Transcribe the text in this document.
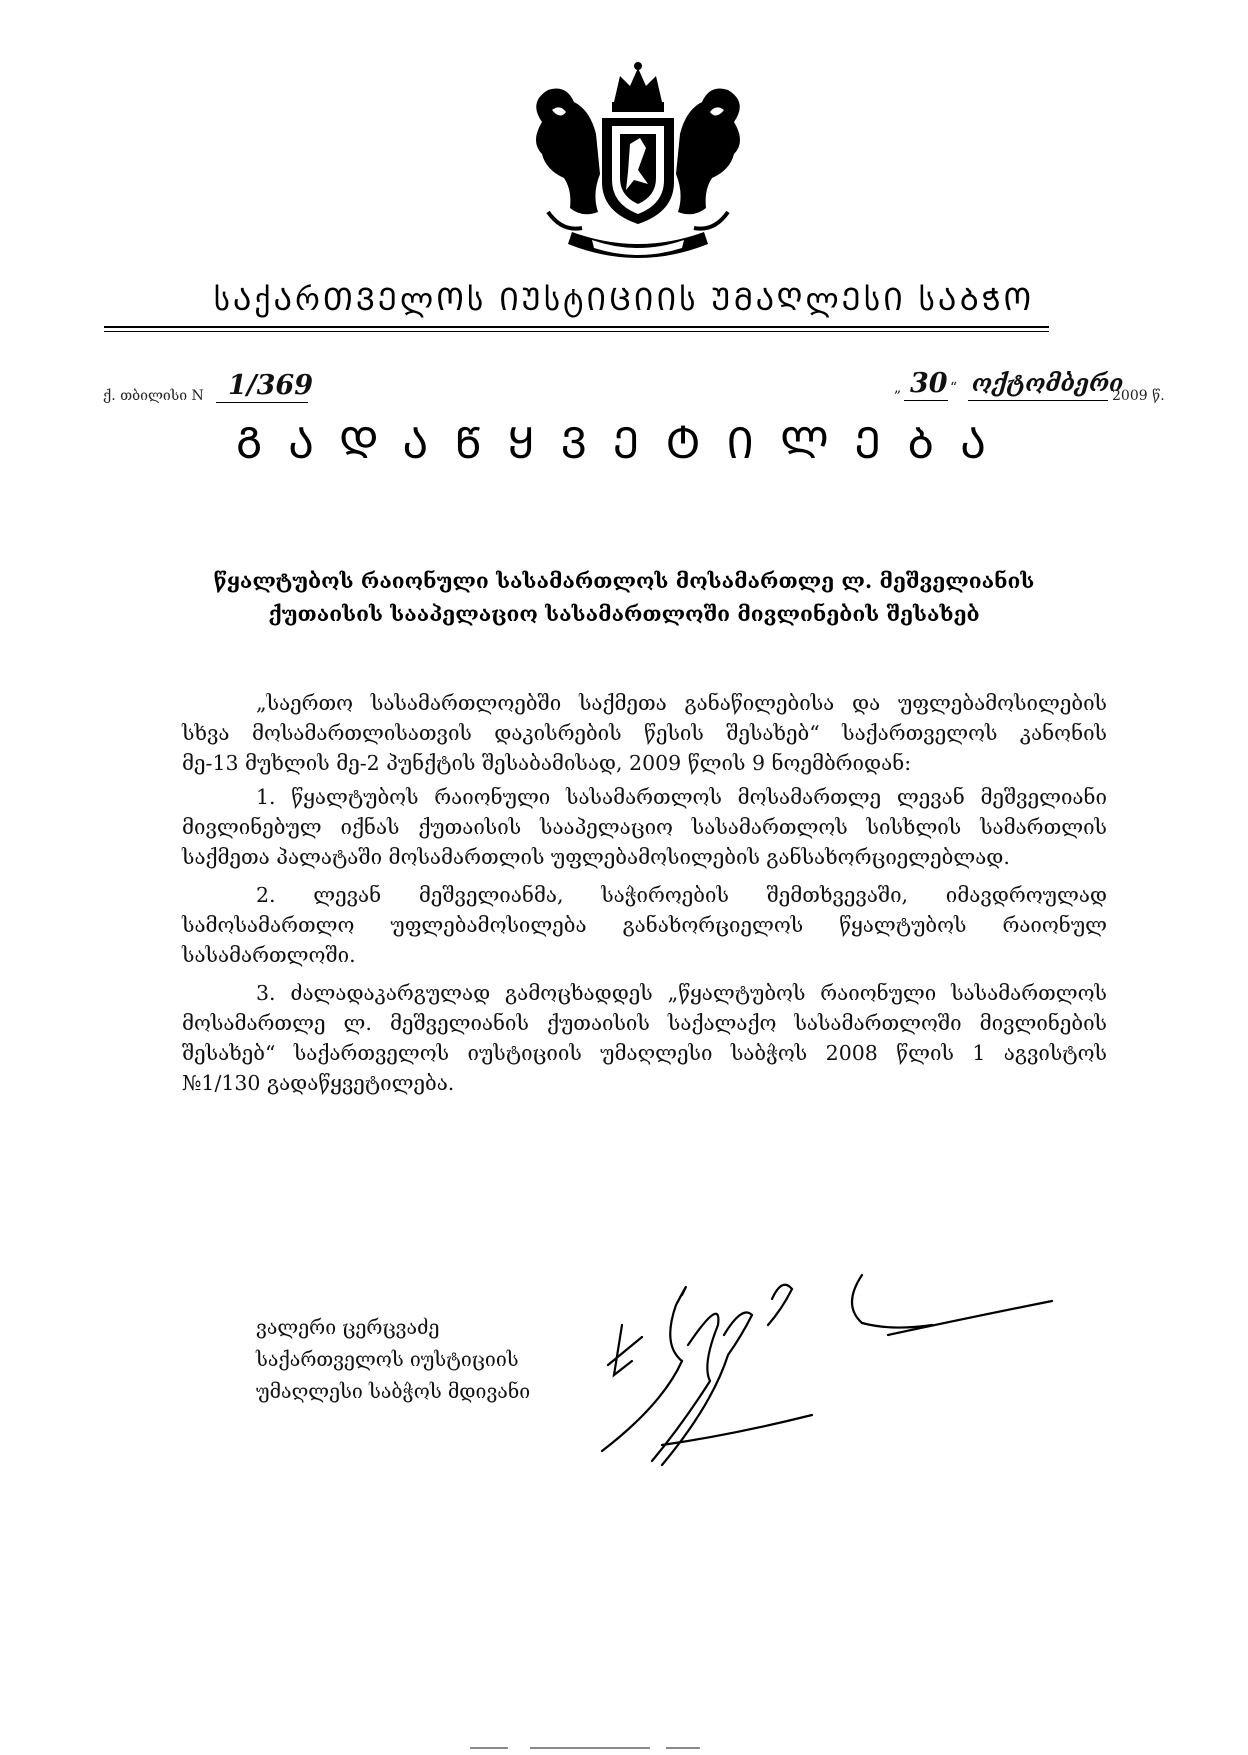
სᲐქᲐრᲗᲕᲔლᲝს ᲘᲣსტᲘᲪᲘᲘს ᲣᲛᲐᲦლᲔსᲘ სᲐᲑᲭᲝ
ქ. თბილისი N 1/369	„ 30 “ ოქტომბერი
2009 წ.
ᲒᲐᲓᲐᲬᲧᲕᲔᲢᲘᲚᲔᲑᲐ
წყალტუბოს რაიონული სასამართლოს მოსამართლე ლ. მეშველიანის
ქუთაისის სააპელაციო სასამართლოში მივლინების შესახებ
„საერთო სასამართლოებში საქმეთა განაწილებისა და უფლებამოსილების
სხვა მოსამართლისათვის დაკისრების წესის შესახებ“ საქართველოს კანონის
მე-13 მუხლის მე-2 პუნქტის შესაბამისად, 2009 წლის 9 ნოემბრიდან:
1. წყალტუბოს რაიონული სასამართლოს მოსამართლე ლევან მეშველიანი
მივლინებულ იქნას ქუთაისის სააპელაციო სასამართლოს სისხლის სამართლის
საქმეთა პალატაში მოსამართლის უფლებამოსილების განსახორციელებლად.
2. ლევან მეშველიანმა, საჭიროების შემთხვევაში, იმავდროულად
სამოსამართლო უფლებამოსილება განახორციელოს წყალტუბოს რაიონულ
სასამართლოში.
3. ძალადაკარგულად გამოცხადდეს „წყალტუბოს რაიონული სასამართლოს
მოსამართლე ლ. მეშველიანის ქუთაისის საქალაქო სასამართლოში მივლინების
შესახებ“ საქართველოს იუსტიციის უმაღლესი საბჭოს 2008 წლის 1 აგვისტოს
№1/130 გადაწყვეტილება.
ვალერი ცერცვაძე
საქართველოს იუსტიციის
უმაღლესი საბჭოს მდივანი
